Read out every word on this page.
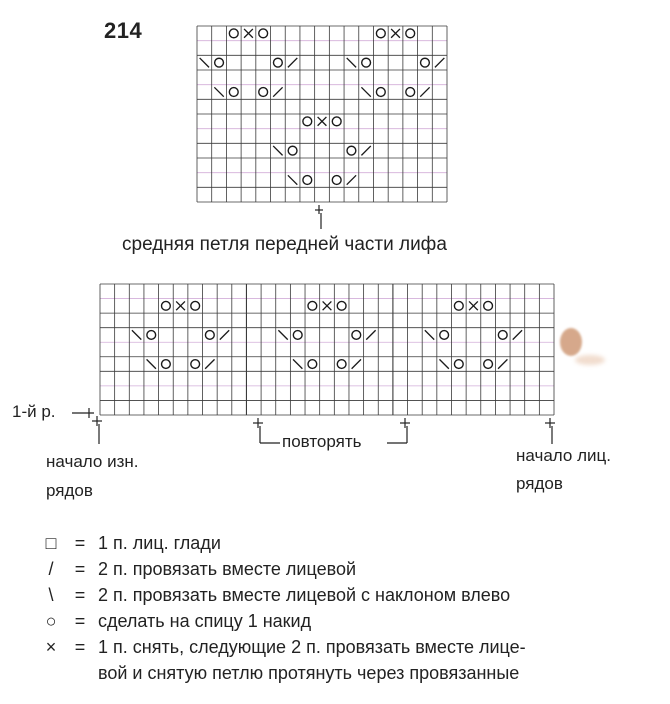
214
средняя петля передней части лифа
1-й р.
начало изн.
рядов
повторять
начало лиц.
рядов
□	= 1 п. лиц. глади
/	= 2 п. провязать вместе лицевой
\	= 2 п. провязать вместе лицевой с наклоном влево
○	= сделать на спицу 1 накид
×	= 1 п. снять, следующие 2 п. провязать вместе лице-
вой и снятую петлю протянуть через провязанные
